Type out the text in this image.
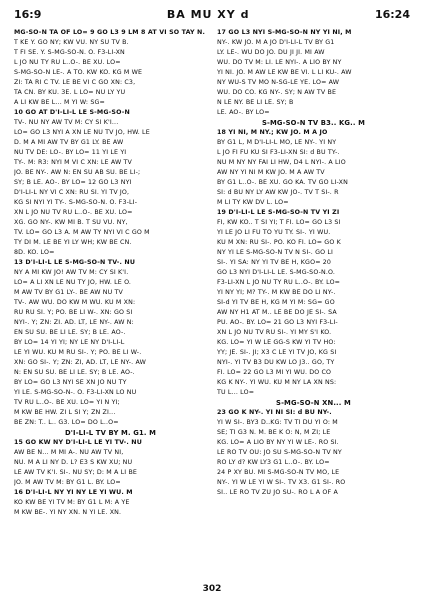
16:9	BA MU XY d	16:24
MG-SO-N TA OF LO= 9 GO L3 9 LM 8 AT VI SO TAY N.
T KE Y. GO NY; KW VU. NY SU TV B.
T FI SE. Y. S-MG-SO-N. O. F3-LI-XN
L JO NU TY RU L..O-. BE XU. LO=
S-MG-SO-N LE-. A TO. KW KO. KG M WE
ZI: TA RI C TV. LE BE VI C GO XN: C3,
TA CN. BY KU. 3E. L LO= NU LY YU
A LI KW BE L... M YI W: SG=
10 GO AT D'I-LI-L LE S-MG-SO-N
TV-. NU NY AW TV M: CY SI K'I...
LO= GO L3 NYI A XN LE NU TV JO, HW. LE
D. M A MI AW TV BY G1 LY. BE AW
NU TV DE: LO-. BY LO= 11 YI LE YI
TY-. M: R3: NYI M VI C XN: LE AW TV
JO. BE NY-. AW N: EN SU AB SU. BE LI-;
SY; B LE. AO-. BY LO= 12 GO L3 NYI
D'I-LI-L NY VI C XN: RU SI. YI TV JO,
KG SI NYI YI TY-. S-MG-SO-N. O. F3-LI-
XN L JO NU TV RU L..O-. BE XU. LO=
XG. GO NY-. KW MI B. T SU VU. NY,
TV. LO= GO L3 A. M AW TY NYI VI C GO M
TY DI M. LE BE YI LY WH; KW BE CN.
8D. KO. LO=
13 D'I-LI-L LE S-MG-SO-N TV-. NU
NY A MI KW JO! AW TV M: CY SI K'I.
LO= A LI XN LE NU TY JO, HW. LE O.
M AW TV BY G1 LY-. BE AW NU TV
TV-. AW WU. DO KW M WU. KU M XN:
RU RU SI. Y; PO. BE LI W-. XN: GO SI
NYI-. Y; ZN: ZI. AD. LT, LE NY-. AW N:
EN SU SU. BE LI LE. SY; B LE. AO-.
BY LO= 14 YI YI; NY LE NY D'I-LI-L
LE YI WU. KU M RU SI-. Y; PO. BE LI W-.
XN: GO SI-. Y; ZN: ZI, AD. LT, LE NY-. AW
N: EN SU SU. BE LI LE. SY; B LE. AO-.
BY LO= GO L3 NYI SE XN JO NU TY
YI LE. S-MG-SO-N-. O. F3-LI-XN LO NU
TV RU L..O-. BE XU. LO= YI N YI;
M KW BE HW. ZI L SI Y; ZN ZI...
BE ZN: T.. L.. G3. LO= DO L..O=
D'I-LI-L TV BY M. G1. M
15 GO KW NY D'I-LI-L LE YI TV-. NU
AW BE N... M MI A-. NU AW TV NI,
NU. M A LI NY D. L? E3 S KW XU; NU
LE AW TV K'I. SI-. NU SY; D: M A LI BE
JO. M AW TV M: BY G1 L. BY. LO=
16 D'I-LI-L NY YI NY LE YI WU. M
KO KW BE YI TV M: BY G1 L M: A YE
M KW BE-. YI NY XN. N YI LE. XN.
17 GO L3 NYI S-MG-SO-N NY YI NI, M
NY-. KW JO. M A JO D'I-LI-L TV BY G1
LY. LE-. WU DO JO. DU JI JI. MI AW
WU. DO TV M: LI. LE NYI-. A LIO BY NY
YI NI. JO. M AW LE KW BE VI. L LI KU-. AW
NY WU-S TV MO N-SG-LE YE. LO= AW
WU. DO CO. KG NY-. SY; N AW TV BE
N LE NY. BE LI LE. SY; B
LE. AO-. BY LO=
S-MG-SO-N TV B3.. KG.. M
18 YI NI, M NY.; KW JO. M A JO
BY G1 L, M D'I-LI-L MO, LE NY-. YI NY
L JO FI FU KU SI F3-LI-XN SI: d BU TY-.
NU M NY NY FAI LI HW, D4 L NYI-. A LIO
AW NY YI NI M KW JO. M A AW TV
BY G1 L..O-. BE XU. GO KA. TV GO LI-XN
SI: d BU NY LY AW KW JO-. TV T SI-. R
M LI TY KW DV L. LO=
19 D'I-LI-L LE S-MG-SO-N TV YI ZI
FI, KW KO.. T SI YI; T FI. LO= GO L3 SI
YI LE JO LI FU TO YU TY. SI-. YI WU.
KU M XN: RU SI-. PO. KO FI. LO= GO K
NY YI LE S-MG-SO-N TV N SI-. GO LI
SI-. YI SA: NY YI TV BE H, KGO= 20
GO L3 NYI D'I-LI-L LE. S-MG-SO-N.O.
F3-LI-XN L JO NU TY RU L..O-. BY. LO=
YI NY YI; M? TY-. M KW BE DO LI NY-.
SI-d YI TV BE H, KG M YI M: SG= GO
AW NY H1 AT M.. LE BE DO JE SI-. SA
PU. AO-. BY. LO= 21 GO L3 NYI F3-LI-
XN L JO NU TV RU SI-. YI MY S'I KO.
KG. LO= YI W LE GG-S KW YI TV HO:
YY; JE. SI-. JI; X3 C LE YI TV JO, KG SI
NYI-. YI TV B3 DU KW LO J3.. GO, TY
FI. LO= 22 GO L3 MI YI WU. DO CO
KG K NY-. YI WU. KU M NY LA XN NS:
TU L... LO=
S-MG-SO-N XN... M
23 GO K NY-. YI NI SI: d BU NY-.
YI W SI-. BY3 D..KG: TV TI DU YI O: M
SE; TI G3 N. M. BE K O: N, M ZI; LE
KG. LO= A LIO BY NY YI W LE-. RO SI.
LE RO TV OU: JO SU S-MG-SO-N TV NY
RO LY d? KW LY3 G1 L..O-. BY. LO=
24 P XY BU. MI S-MG-SO-N TV MO, LE
NY-. YI W LE YI W SI-. TV X3. G1 SI-. RO
SI.. LE RO TV ZU JO SU-. RO L A OF A
302
